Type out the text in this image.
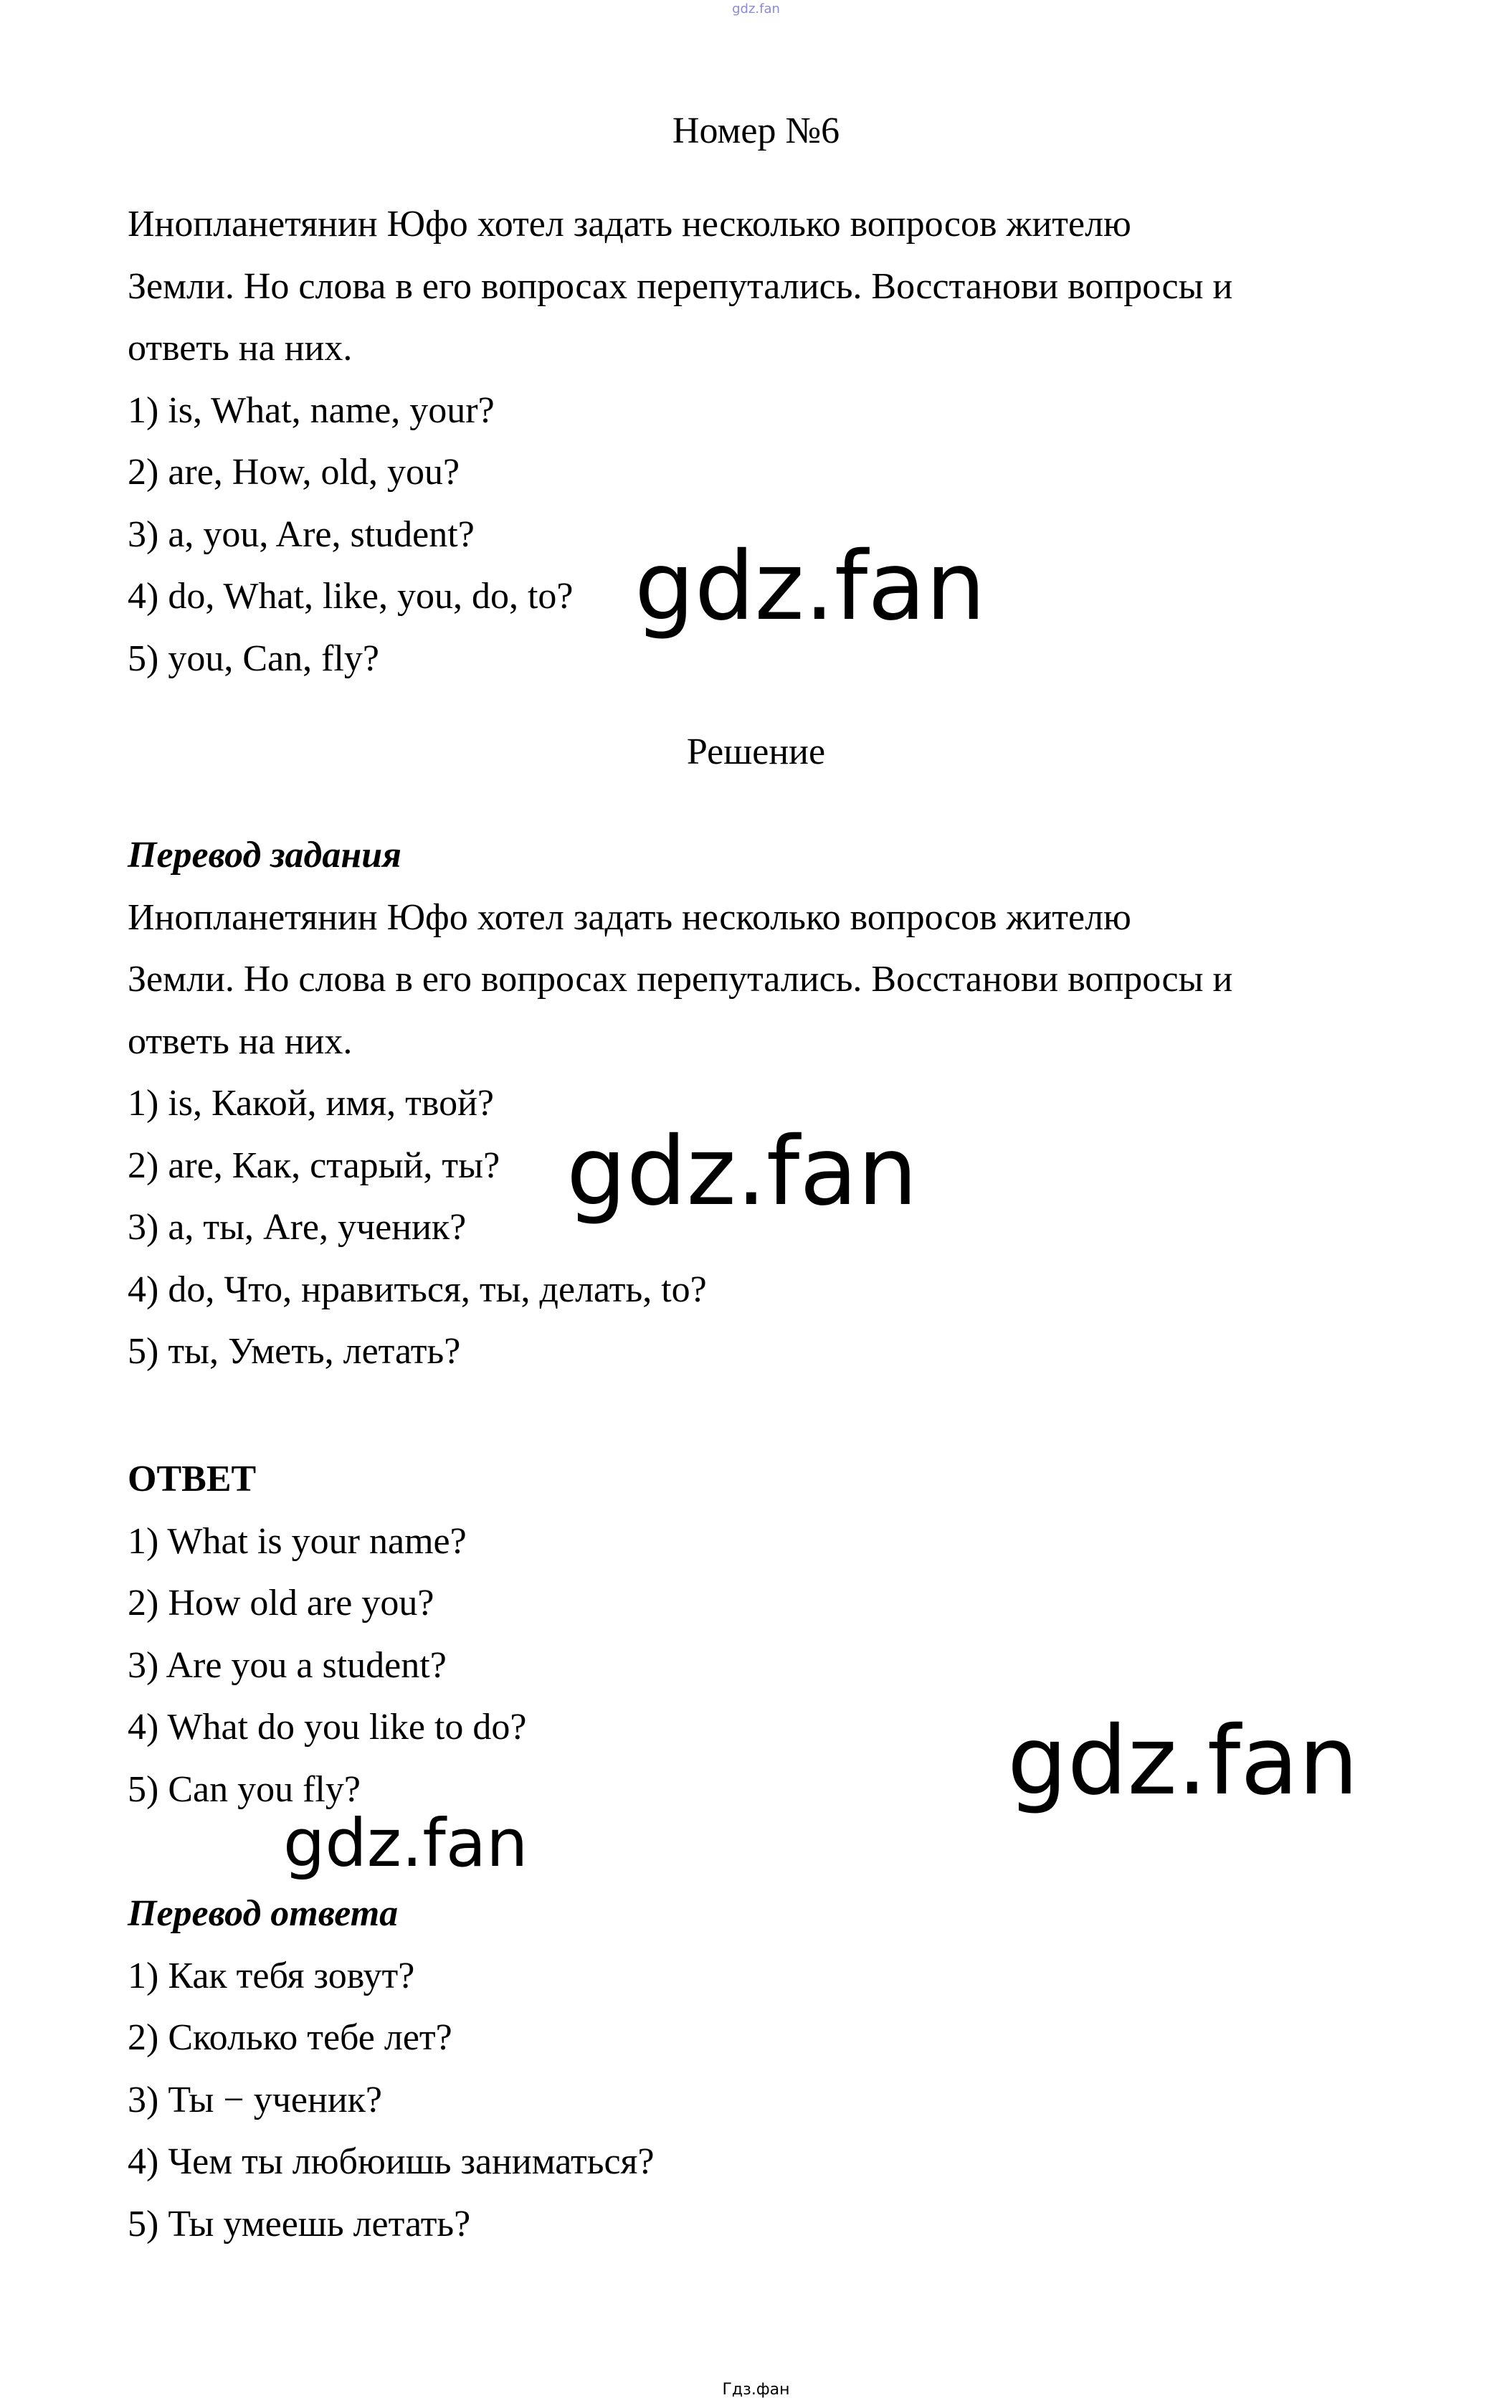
gdz.fan
Номер №6
Инопланетянин Юфо хотел задать несколько вопросов жителю
Земли. Но слова в его вопросах перепутались. Восстанови вопросы и
ответь на них.
1) is, What, name, your?
2) are, How, old, you?
3) a, you, Are, student?
4) do, What, like, you, do, to?
5) you, Can, fly?
Решение
Перевод задания
Инопланетянин Юфо хотел задать несколько вопросов жителю
Земли. Но слова в его вопросах перепутались. Восстанови вопросы и
ответь на них.
1) is, Какой, имя, твой?
2) are, Как, старый, ты?
3) a, ты, Are, ученик?
4) do, Что, нравиться, ты, делать, to?
5) ты, Уметь, летать?
ОТВЕТ
1) What is your name?
2) How old are you?
3) Are you a student?
4) What do you like to do?
5) Can you fly?
Перевод ответа
1) Как тебя зовут?
2) Сколько тебе лет?
3) Ты − ученик?
4) Чем ты любюишь заниматься?
5) Ты умеешь летать?
gdz.fan
gdz.fan
gdz.fan
gdz.fan
Гдз.фан
